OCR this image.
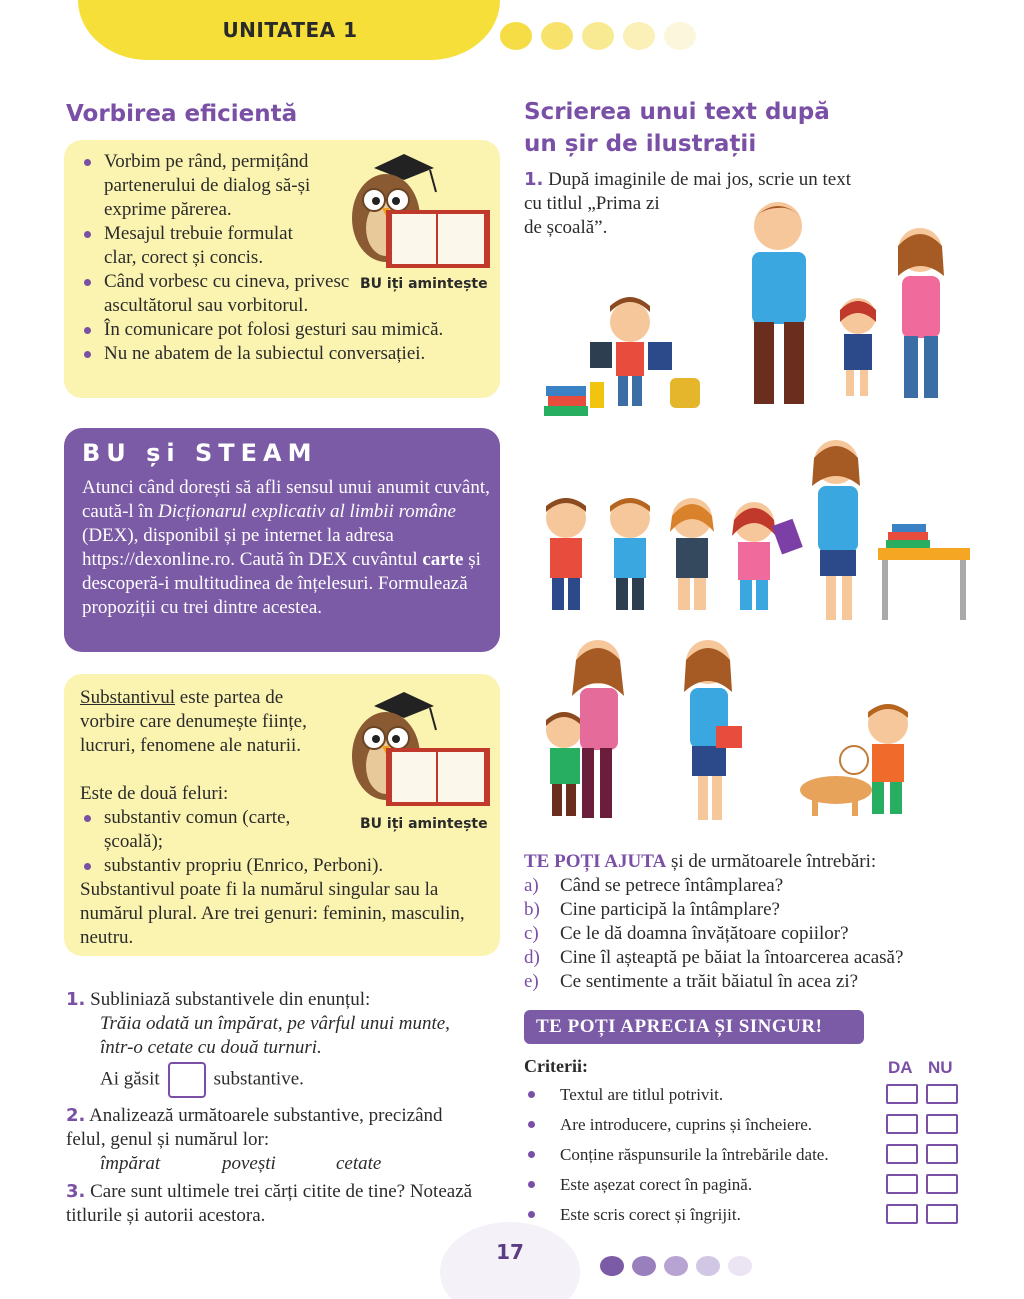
UNITATEA 1
Vorbirea eficientă
Vorbim pe rând, permițând partenerului de dialog să-și exprime părerea.
Mesajul trebuie formulat clar, corect și concis.
Când vorbesc cu cineva, privesc ascultătorul sau vorbitorul.
În comunicare pot folosi gesturi sau mimică.
Nu ne abatem de la subiectul conversației.
BU iți amintește
BU și STEAM

Atunci când dorești să afli sensul unui anumit cuvânt, caută-l în Dicționarul explicativ al limbii române (DEX), disponibil și pe internet la adresa https://dexonline.ro. Caută în DEX cuvântul carte și descoperă-i multitudinea de înțelesuri. Formulează propoziții cu trei dintre acestea.

Substantivul este partea de vorbire care denumește ființe, lucruri, fenomene ale naturii.

Este de două feluri:

substantiv comun (carte, școală);
substantiv propriu (Enrico, Perboni).

Substantivul poate fi la numărul singular sau la numărul plural. Are trei genuri: feminin, masculin, neutru.

BU iți amintește
1. Subliniază substantivele din enunțul:
Trăia odată un împărat, pe vârful unui munte, într-o cetate cu două turnuri.
Ai găsit	substantive.
2. Analizează următoarele substantive, precizând felul, genul și numărul lor:
împărat	povești	cetate
3. Care sunt ultimele trei cărți citite de tine? Notează titlurile și autorii acestora.
Scrierea unui text după
un șir de ilustrații
1. După imaginile de mai jos, scrie un text
cu titlul „Prima zi
de școală”.
TE POȚI AJUTA și de următoarele întrebări:
a)	Când se petrece întâmplarea?
b)	Cine participă la întâmplare?
c)	Ce le dă doamna învățătoare copiilor?
d)	Cine îl așteaptă pe băiat la întoarcerea acasă?
e)	Ce sentimente a trăit băiatul în acea zi?
TE POȚI APRECIA ȘI SINGUR!
Criterii:	DA NU
Textul are titlul potrivit.
Are introducere, cuprins și încheiere.
Conține răspunsurile la întrebările date.
Este așezat corect în pagină.
Este scris corect și îngrijit.
17
